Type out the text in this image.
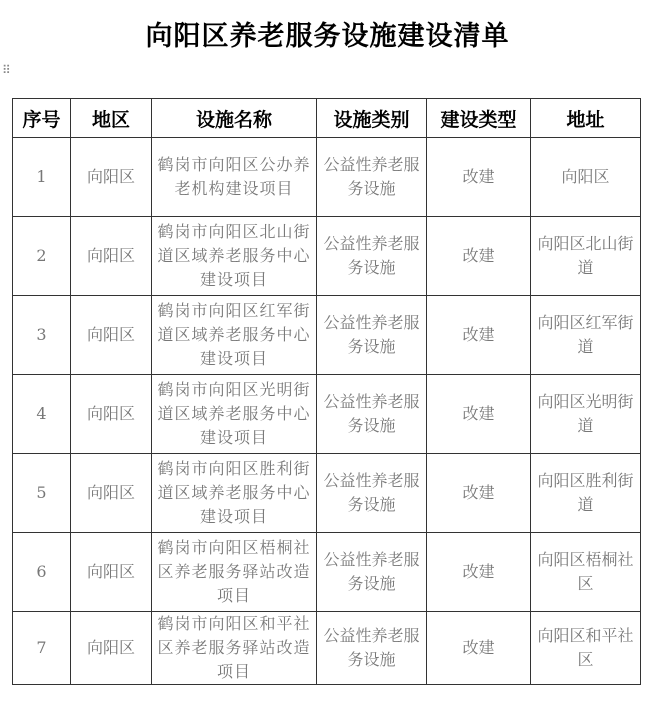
向阳区养老服务设施建设清单
⠿
序号	地区	设施名称	设施类别	建设类型	地址
1	向阳区	鹤岗市向阳区公办养老机构建设项目	公益性养老服务设施	改建	向阳区
2	向阳区	鹤岗市向阳区北山街道区域养老服务中心建设项目	公益性养老服务设施	改建	向阳区北山街道
3	向阳区	鹤岗市向阳区红军街道区域养老服务中心建设项目	公益性养老服务设施	改建	向阳区红军街道
4	向阳区	鹤岗市向阳区光明街道区域养老服务中心建设项目	公益性养老服务设施	改建	向阳区光明街道
5	向阳区	鹤岗市向阳区胜利街道区域养老服务中心建设项目	公益性养老服务设施	改建	向阳区胜利街道
6	向阳区	鹤岗市向阳区梧桐社区养老服务驿站改造项目	公益性养老服务设施	改建	向阳区梧桐社区
7	向阳区	鹤岗市向阳区和平社区养老服务驿站改造项目	公益性养老服务设施	改建	向阳区和平社区
